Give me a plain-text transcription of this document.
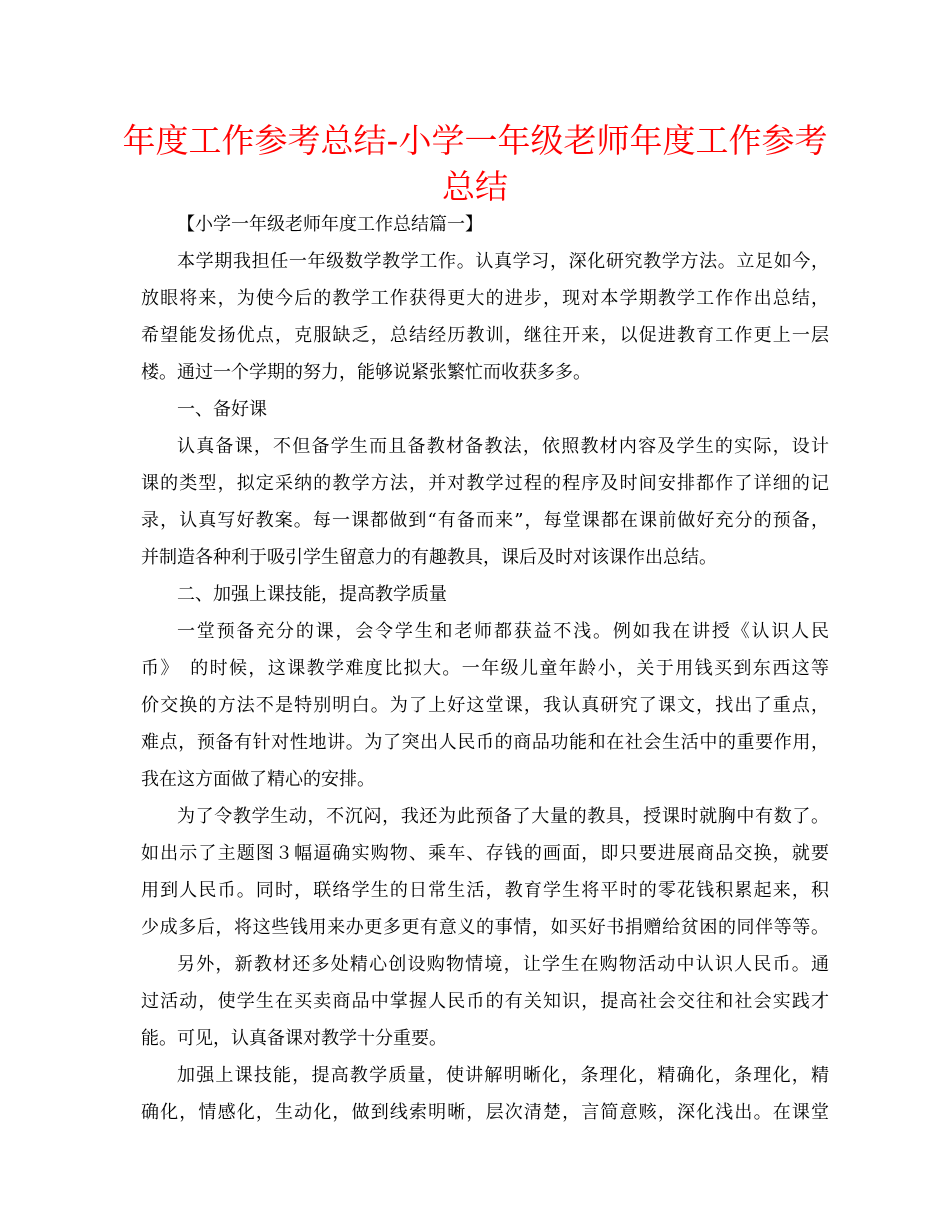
年度工作参考总结-小学一年级老师年度工作参考
总结
【小学一年级老师年度工作总结篇一】
本学期我担任一年级数学教学工作。认真学习，深化研究教学方法。立足如今，
放眼将来，为使今后的教学工作获得更大的进步，现对本学期教学工作作出总结，
希望能发扬优点，克服缺乏，总结经历教训，继往开来，以促进教育工作更上一层
楼。通过一个学期的努力，能够说紧张繁忙而收获多多。
一、备好课
认真备课，不但备学生而且备教材备教法，依照教材内容及学生的实际，设计
课的类型，拟定采纳的教学方法，并对教学过程的程序及时间安排都作了详细的记
录，认真写好教案。每一课都做到“有备而来”，每堂课都在课前做好充分的预备，
并制造各种利于吸引学生留意力的有趣教具，课后及时对该课作出总结。
二、加强上课技能，提高教学质量
一堂预备充分的课，会令学生和老师都获益不浅。例如我在讲授《认识人民
币》　的时候，这课教学难度比拟大。一年级儿童年龄小，关于用钱买到东西这等
价交换的方法不是特别明白。为了上好这堂课，我认真研究了课文，找出了重点，
难点，预备有针对性地讲。为了突出人民币的商品功能和在社会生活中的重要作用，
我在这方面做了精心的安排。
为了令教学生动，不沉闷，我还为此预备了大量的教具，授课时就胸中有数了。
如出示了主题图３幅逼确实购物、乘车、存钱的画面，即只要进展商品交换，就要
用到人民币。同时，联络学生的日常生活，教育学生将平时的零花钱积累起来，积
少成多后，将这些钱用来办更多更有意义的事情，如买好书捐赠给贫困的同伴等等。
另外，新教材还多处精心创设购物情境，让学生在购物活动中认识人民币。通
过活动，使学生在买卖商品中掌握人民币的有关知识，提高社会交往和社会实践才
能。可见，认真备课对教学十分重要。
加强上课技能，提高教学质量，使讲解明晰化，条理化，精确化，条理化，精
确化，情感化，生动化，做到线索明晰，层次清楚，言简意赅，深化浅出。在课堂
